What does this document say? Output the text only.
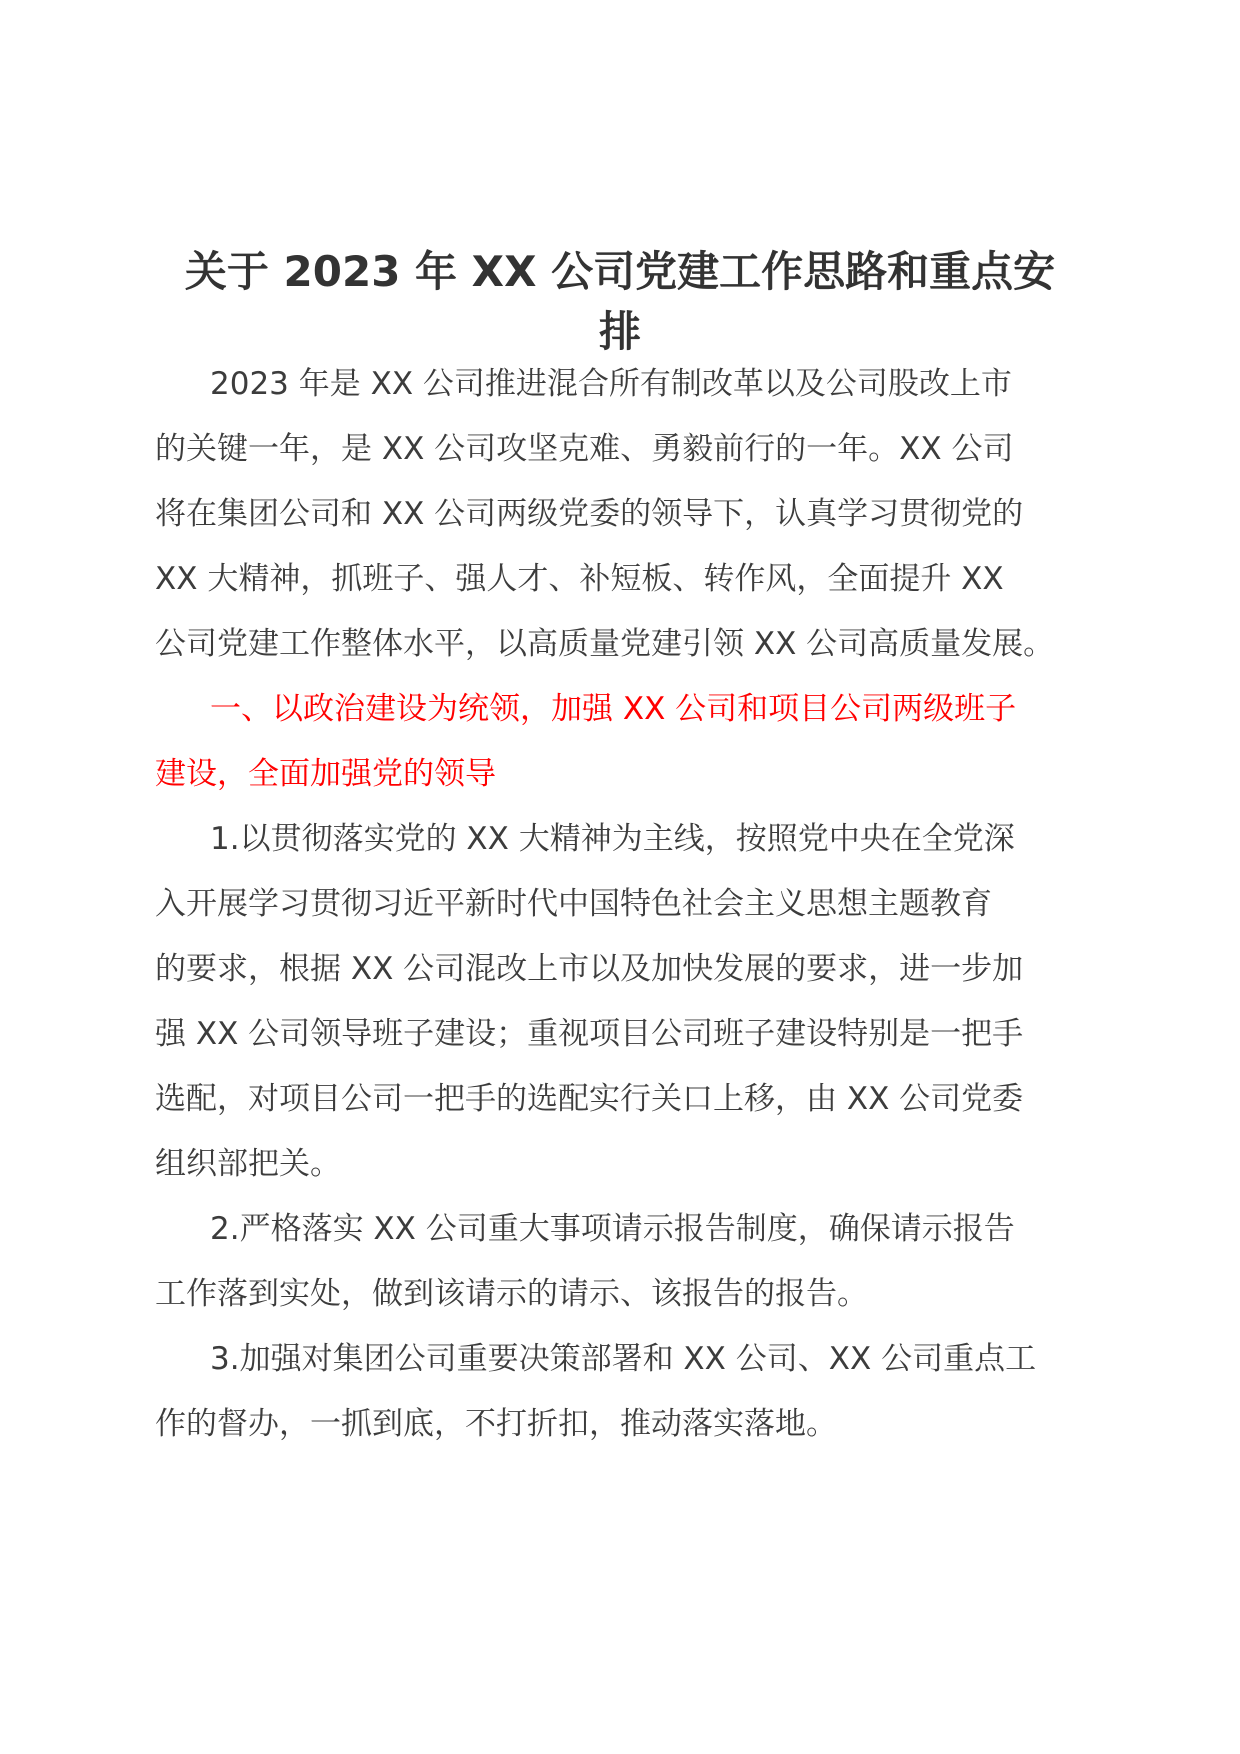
关于 2023 年 XX 公司党建工作思路和重点安
排
2023 年是 XX 公司推进混合所有制改革以及公司股改上市
的关键一年，是 XX 公司攻坚克难、勇毅前行的一年。XX 公司
将在集团公司和 XX 公司两级党委的领导下，认真学习贯彻党的
XX 大精神，抓班子、强人才、补短板、转作风，全面提升 XX
公司党建工作整体水平，以高质量党建引领 XX 公司高质量发展。
一、以政治建设为统领，加强 XX 公司和项目公司两级班子
建设，全面加强党的领导
1.以贯彻落实党的 XX 大精神为主线，按照党中央在全党深
入开展学习贯彻习近平新时代中国特色社会主义思想主题教育
的要求，根据 XX 公司混改上市以及加快发展的要求，进一步加
强 XX 公司领导班子建设；重视项目公司班子建设特别是一把手
选配，对项目公司一把手的选配实行关口上移，由 XX 公司党委
组织部把关。
2.严格落实 XX 公司重大事项请示报告制度，确保请示报告
工作落到实处，做到该请示的请示、该报告的报告。
3.加强对集团公司重要决策部署和 XX 公司、XX 公司重点工
作的督办，一抓到底，不打折扣，推动落实落地。
